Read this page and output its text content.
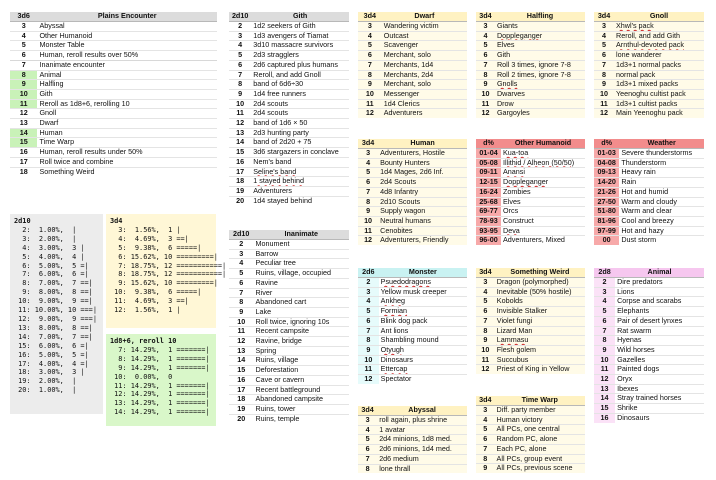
3d6	Plains Encounter
3	Abyssal
4	Other Humanoid
5	Monster Table
6	Human, reroll results over 50%
7	Inanimate encounter
8	Animal
9	Halfling
10	Gith
11	Reroll as 1d8+6, rerolling 10
12	Gnoll
13	Dwarf
14	Human
15	Time Warp
16	Human, reroll results under 50%
17	Roll twice and combine
18	Something Weird
2d10	Gith
2	1d2 seekers of Gith
3	1d3 avengers of Tiamat
4	3d10 massacre survivors
5	2d3 stragglers
6	2d6 captured plus humans
7	Reroll, and add Gnoll
8	band of 6d6÷30
9	1d4 free runners
10	2d4 scouts
11	2d4 scouts
12	band of 1d6 × 50
13	2d3 hunting party
14	band of 2d20 + 75
15	3d6 stargazers in conclave
16	Nem's band
17	Seline's band
18	1 stayed behind
19	Adventurers
20	1d4 stayed behind
2d10	Inanimate
2	Monument
3	Barrow
4	Peculiar tree
5	Ruins, village, occupied
6	Ravine
7	River
8	Abandoned cart
9	Lake
10	Roll twice, ignoring 10s
11	Recent campsite
12	Ravine, bridge
13	Spring
14	Ruins, village
15	Deforestation
16	Cave or cavern
17	Recent battleground
18	Abandoned campsite
19	Ruins, tower
20	Ruins, temple
3d4	Dwarf
3	Wandering victim
4	Outcast
5	Scavenger
6	Merchant, solo
7	Merchants, 1d4
8	Merchants, 2d4
9	Merchant, solo
10	Messenger
11	1d4 Clerics
12	Adventurers
3d4	Halfling
3	Giants
4	Doppleganger
5	Elves
6	Gith
7	Roll 3 times, ignore 7-8
8	Roll 2 times, ignore 7-8
9	Gnolls
10	Dwarves
11	Drow
12	Gargoyles
3d4	Gnoll
3	Xhwl's pack
4	Reroll, and add Gith
5	Arnthul-devoted pack
6	lone wanderer
7	1d3+1 normal packs
8	normal pack
9	1d3+1 mixed packs
10	Yeenoghu cultist pack
11	1d3+1 cultist packs
12	Main Yeenoghu pack
3d4	Human
3	Adventurers, Hostile
4	Bounty Hunters
5	1d4 Mages, 2d6 Inf.
6	2d4 Scouts
7	4d8 Infantry
8	2d10 Scouts
9	Supply wagon
10	Neutral humans
11	Cenobites
12	Adventurers, Friendly
d%	Other Humanoid
01-04	Kua-toa
05-08	Illithid / Alheon (50/50)
09-11	Anansi
12-15	Doppleganger
16-24	Zombies
25-68	Elves
69-77	Orcs
78-93	Construct
93-95	Deva
96-00	Adventurers, Mixed
d%	Weather
01-03	Severe thunderstorms
04-08	Thunderstorm
09-13	Heavy rain
14-20	Rain
21-26	Hot and humid
27-50	Warm and cloudy
51-80	Warm and clear
81-96	Cool and breezy
97-99	Hot and hazy
00	Dust storm
2d6	Monster
2	Psuedodragons
3	Yellow musk creeper
4	Ankheg
5	Formian
6	Blink dog pack
7	Ant lions
8	Shambling mound
9	Otyugh
10	Dinosaurs
11	Ettercap
12	Spectator
3d4	Something Weird
3	Dragon (polymorphed)
4	Inevitable (50% hostile)
5	Kobolds
6	Invisible Stalker
7	Violet fungi
8	Lizard Man
9	Lammasu
10	Flesh golem
11	Succubus
12	Priest of King in Yellow
2d8	Animal
2	Dire predators
3	Lions
4	Corpse and scarabs
5	Elephants
6	Pair of desert lynxes
7	Rat swarm
8	Hyenas
9	Wild horses
10	Gazelles
11	Painted dogs
12	Oryx
13	Ibexes
14	Stray trained horses
15	Shrike
16	Dinosaurs
3d4	Abyssal
3	roll again, plus shrine
4	1 avatar
5	2d4 minions, 1d8 med.
6	2d6 minions, 1d4 med.
7	2d6 medium
8	lone thrall
3d4	Time Warp
3	Diff. party member
4	Human victory
5	All PCs, one central
6	Random PC, alone
7	Each PC, alone
8	All PCs, group event
9	All PCs, previous scene
2d10
2:  1.00%,  |
3:  2.00%,  |
4:  3.00%,  3 |
5:  4.00%,  4 |
6:  5.00%,  5 =|
7:  6.00%,  6 =|
8:  7.00%,  7 ==|
9:  8.00%,  8 ==|
10:  9.00%,  9 ==|
11: 10.00%, 10 ===|
12:  9.00%,  9 ===|
13:  8.00%,  8 ==|
14:  7.00%,  7 ==|
15:  6.00%,  6 =|
16:  5.00%,  5 =|
17:  4.00%,  4 =|
18:  3.00%,  3 |
19:  2.00%,  |
20:  1.00%,  |
3d4
3:  1.56%,  1 |
4:  4.69%,  3 ==|
5:  9.38%,  6 =====|
6: 15.62%, 10 =========|
7: 18.75%, 12 ===========|
8: 18.75%, 12 ===========|
9: 15.62%, 10 =========|
10:  9.38%,  6 =====|
11:  4.69%,  3 ==|
12:  1.56%,  1 |
1d8+6, reroll 10
7: 14.29%,  1 =======|
8: 14.29%,  1 =======|
9: 14.29%,  1 =======|
10:  0.00%,  0
11: 14.29%,  1 =======|
12: 14.29%,  1 =======|
13: 14.29%,  1 =======|
14: 14.29%,  1 =======|
